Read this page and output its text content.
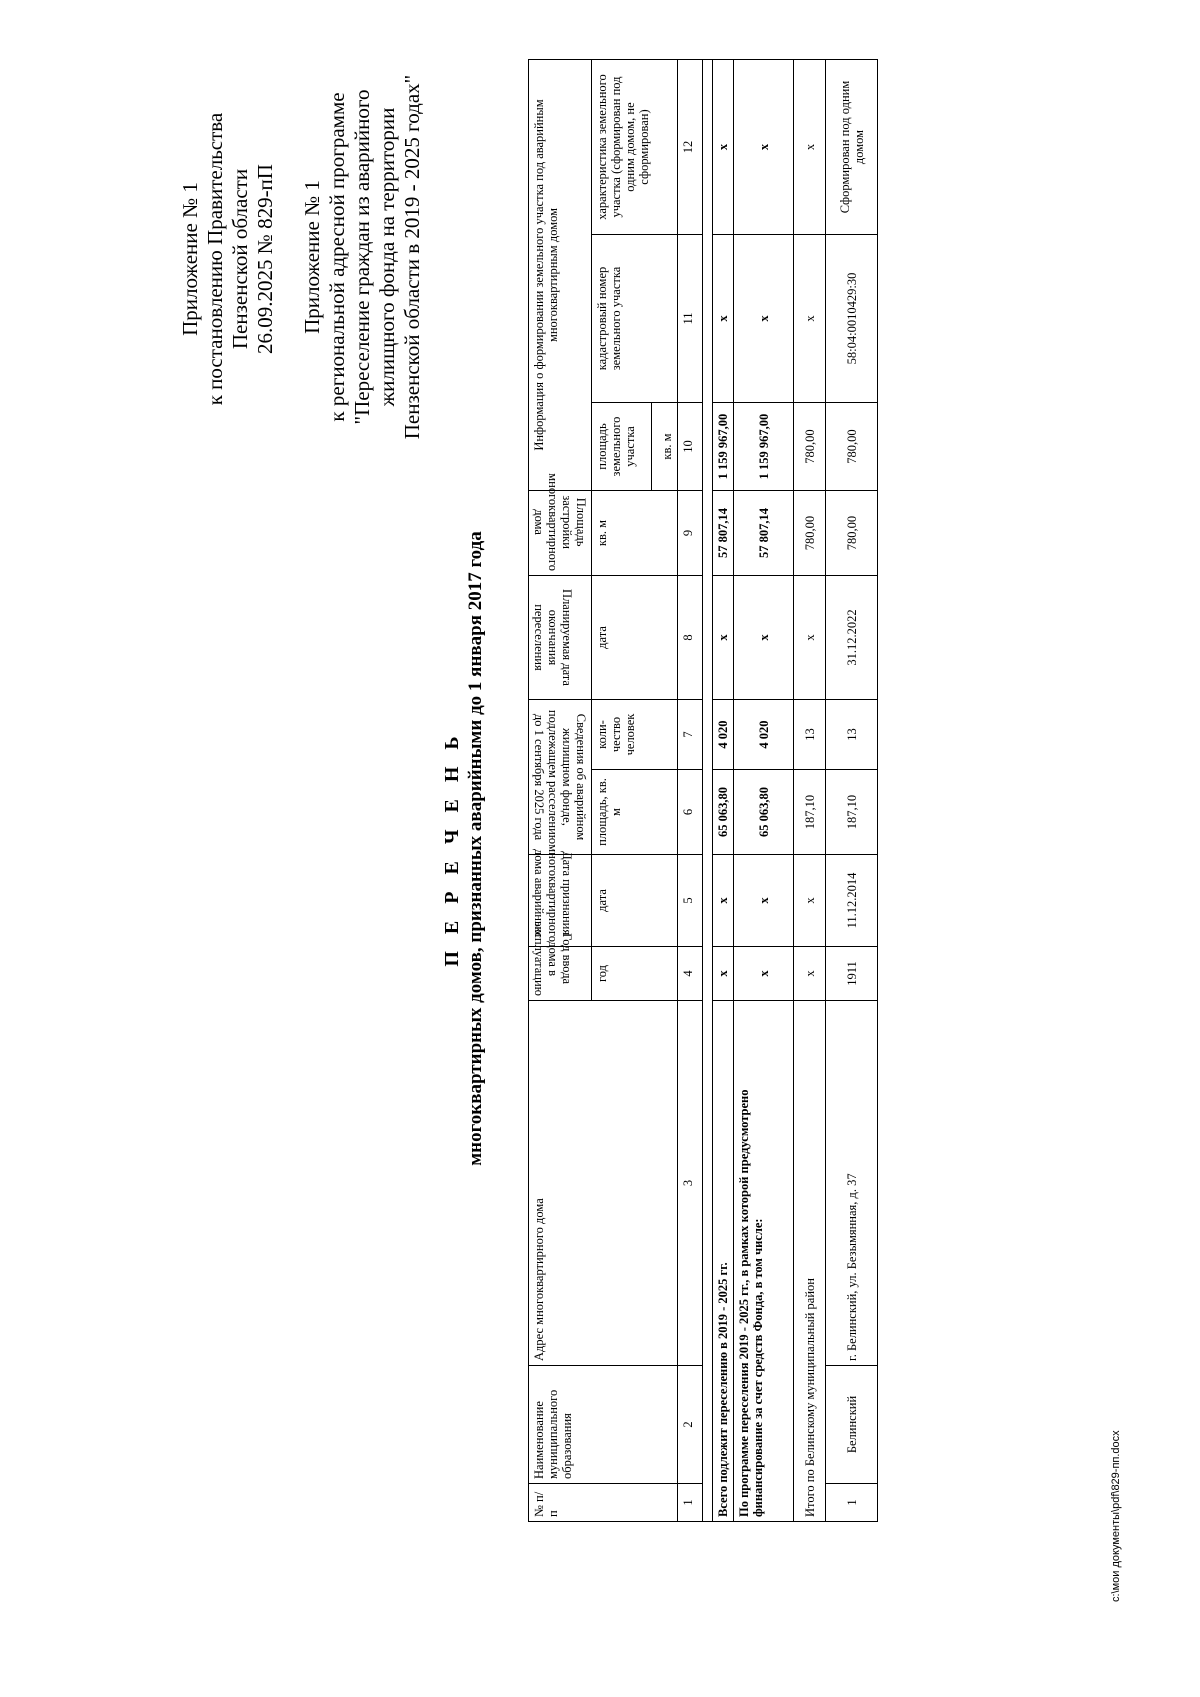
Приложение № 1 к постановлению Правительства Пензенской области 26.09.2025 № 829-пП Приложение № 1 к региональной адресной программе "Переселение граждан из аварийного жилищного фонда на территории Пензенской области в 2019 - 2025 годах"
П Е Р Е Ч Е Н Ь многоквартирных домов, признанных аварийными до 1 января 2017 года
№ п/п	Наименование муниципального образования	Адрес многоквартирного дома	Год ввода дома в эксплуатацию	Дата признания многоквартирного дома аварийным	Сведения об аварийном жилищном фонде, подлежащем расселению до 1 сентября 2025 года		Планируемая дата окончания переселения	Площадь застройки многоквартирного дома	Информация о формировании земельного участка под аварийным многоквартирным домом		
			год	дата	площадь, кв. м	коли-чество человек	дата	кв. м	площадь земельного участка кв. м	кадастровый номер земельного участка	характеристика земельного участка (сформирован под одним домом, не сформирован)
1	2	3	4	5	6	7	8	9	10	11	12

Всего подлежит переселению в 2019 - 2025 гг.			х	х	65 063,80	4 020	х	57 807,14	1 159 967,00	х	х
По программе переселения 2019 - 2025 гг., в рамках которой предусмотрено финансирование за счет средств Фонда, в том числе:			х	х	65 063,80	4 020	х	57 807,14	1 159 967,00	х	х
Итого по Белинскому муниципальный район			х	х	187,10	13	х	780,00	780,00	х	х
1	Белинский	г. Белинский, ул. Безымянная, д. 37	1911	11.12.2014	187,10	13	31.12.2022	780,00	780,00	58:04:0010429:30	Сформирован под одним домом
c:\мои документы\pdf\829-пп.docx
